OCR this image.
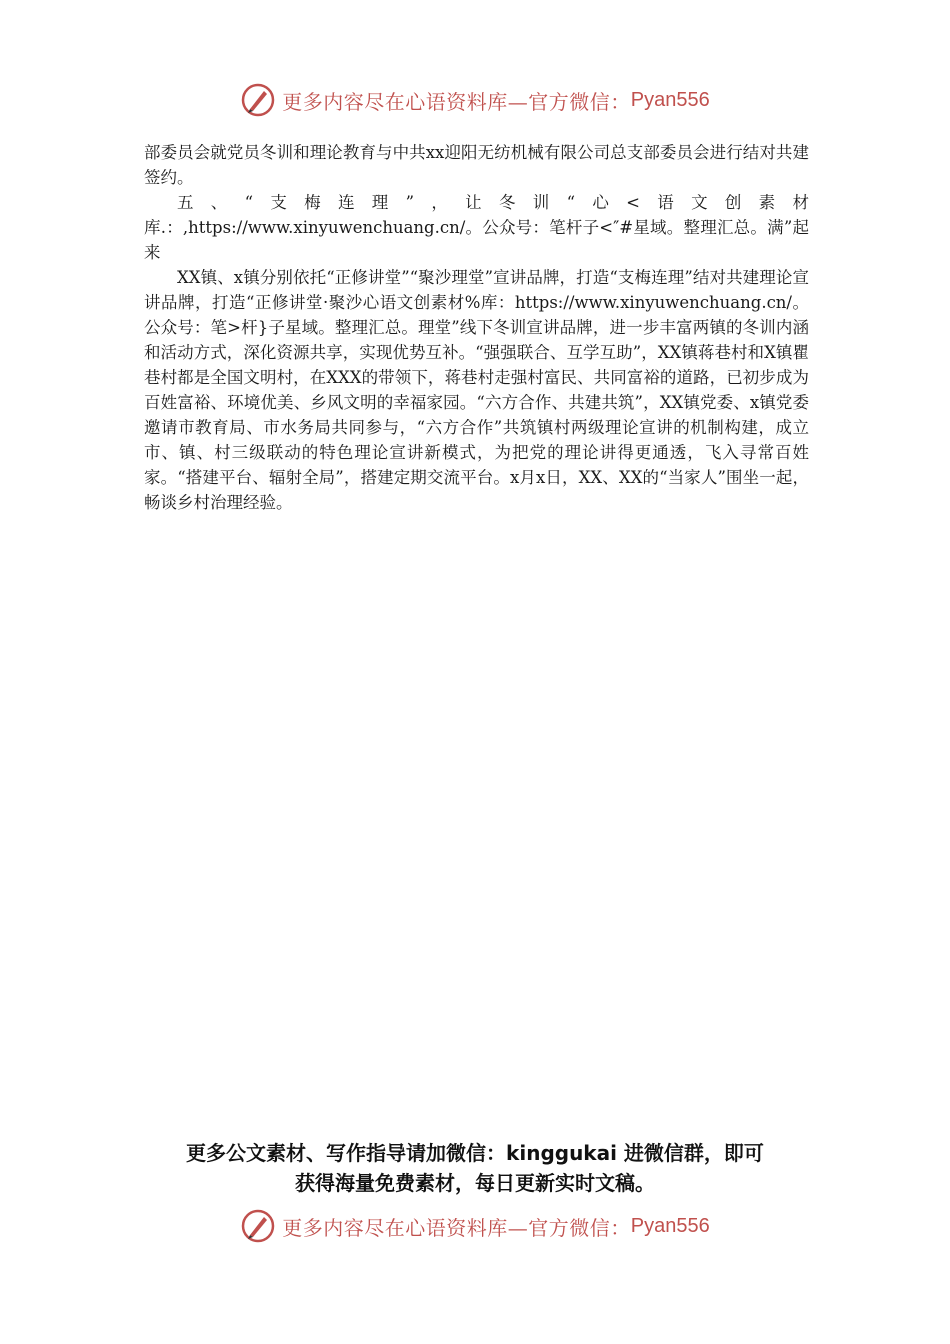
更多内容尽在心语资料库—官方微信： Pyan556

部委员会就党员冬训和理论教育与中共xx迎阳无纺机械有限公司总支部委员会进行结对共建签约。

五、“支梅连理”，让冬训“心<语文创素材库.：,https://www.xinyuwenchuang.cn/。公众号：笔杆子<″#星域。整理汇总。满”起来

XX镇、x镇分别依托“正修讲堂”“聚沙理堂”宣讲品牌，打造“支梅连理”结对共建理论宣讲品牌，打造“正修讲堂·聚沙心语文创素材%库：https://www.xinyuwenchuang.cn/。公众号：笔>杆}子星域。整理汇总。理堂”线下冬训宣讲品牌，进一步丰富两镇的冬训内涵和活动方式，深化资源共享，实现优势互补。“强强联合、互学互助”，XX镇蒋巷村和X镇瞿巷村都是全国文明村，在XXX的带领下，蒋巷村走强村富民、共同富裕的道路，已初步成为百姓富裕、环境优美、乡风文明的幸福家园。“六方合作、共建共筑”，XX镇党委、x镇党委邀请市教育局、市水务局共同参与，“六方合作”共筑镇村两级理论宣讲的机制构建，成立市、镇、村三级联动的特色理论宣讲新模式，为把党的理论讲得更通透，飞入寻常百姓家。“搭建平台、辐射全局”，搭建定期交流平台。x月x日，XX、XX的“当家人”围坐一起，畅谈乡村治理经验。

更多公文素材、写作指导请加微信：kinggukai 进微信群，即可
获得海量免费素材，每日更新实时文稿。
更多内容尽在心语资料库—官方微信： Pyan556
